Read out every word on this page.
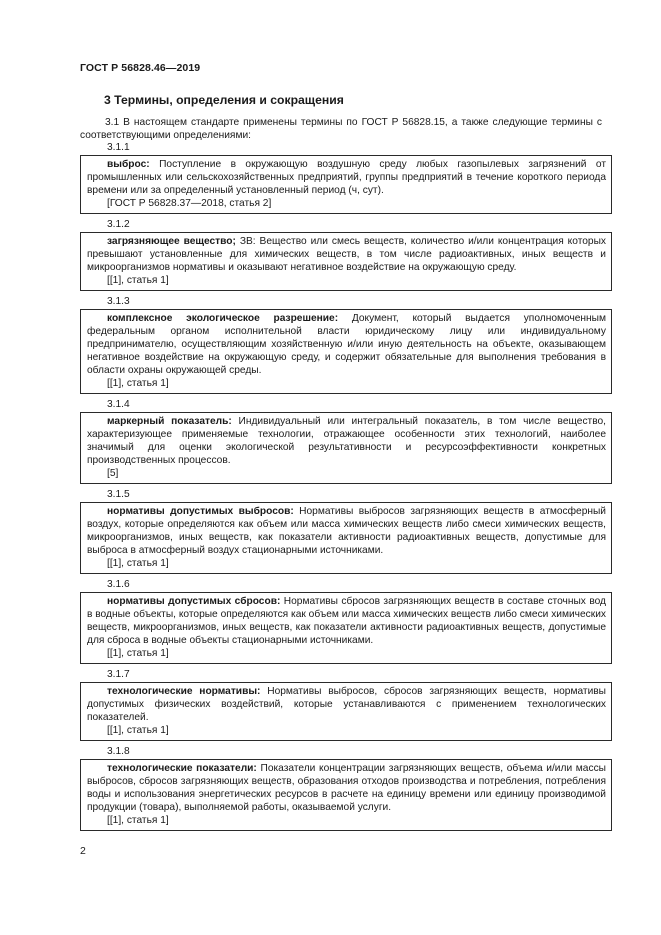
ГОСТ Р 56828.46—2019
3 Термины, определения и сокращения
3.1 В настоящем стандарте применены термины по ГОСТ Р 56828.15, а также следующие термины с соответствующими определениями:
3.1.1
выброс: Поступление в окружающую воздушную среду любых газопылевых загрязнений от промышленных или сельскохозяйственных предприятий, группы предприятий в течение короткого периода времени или за определенный установленный период (ч, сут).
[ГОСТ Р 56828.37—2018, статья 2]
3.1.2
загрязняющее вещество; ЗВ: Вещество или смесь веществ, количество и/или концентрация которых превышают установленные для химических веществ, в том числе радиоактивных, иных веществ и микроорганизмов нормативы и оказывают негативное воздействие на окружающую среду.
[[1], статья 1]
3.1.3
комплексное экологическое разрешение: Документ, который выдается уполномоченным федеральным органом исполнительной власти юридическому лицу или индивидуальному предпринимателю, осуществляющим хозяйственную и/или иную деятельность на объекте, оказывающем негативное воздействие на окружающую среду, и содержит обязательные для выполнения требования в области охраны окружающей среды.
[[1], статья 1]
3.1.4
маркерный показатель: Индивидуальный или интегральный показатель, в том числе вещество, характеризующее применяемые технологии, отражающее особенности этих технологий, наиболее значимый для оценки экологической результативности и ресурсоэффективности конкретных производственных процессов.
[5]
3.1.5
нормативы допустимых выбросов: Нормативы выбросов загрязняющих веществ в атмосферный воздух, которые определяются как объем или масса химических веществ либо смеси химических веществ, микроорганизмов, иных веществ, как показатели активности радиоактивных веществ, допустимые для выброса в атмосферный воздух стационарными источниками.
[[1], статья 1]
3.1.6
нормативы допустимых сбросов: Нормативы сбросов загрязняющих веществ в составе сточных вод в водные объекты, которые определяются как объем или масса химических веществ либо смеси химических веществ, микроорганизмов, иных веществ, как показатели активности радиоактивных веществ, допустимые для сброса в водные объекты стационарными источниками.
[[1], статья 1]
3.1.7
технологические нормативы: Нормативы выбросов, сбросов загрязняющих веществ, нормативы допустимых физических воздействий, которые устанавливаются с применением технологических показателей.
[[1], статья 1]
3.1.8
технологические показатели: Показатели концентрации загрязняющих веществ, объема и/или массы выбросов, сбросов загрязняющих веществ, образования отходов производства и потребления, потребления воды и использования энергетических ресурсов в расчете на единицу времени или единицу производимой продукции (товара), выполняемой работы, оказываемой услуги.
[[1], статья 1]
2
